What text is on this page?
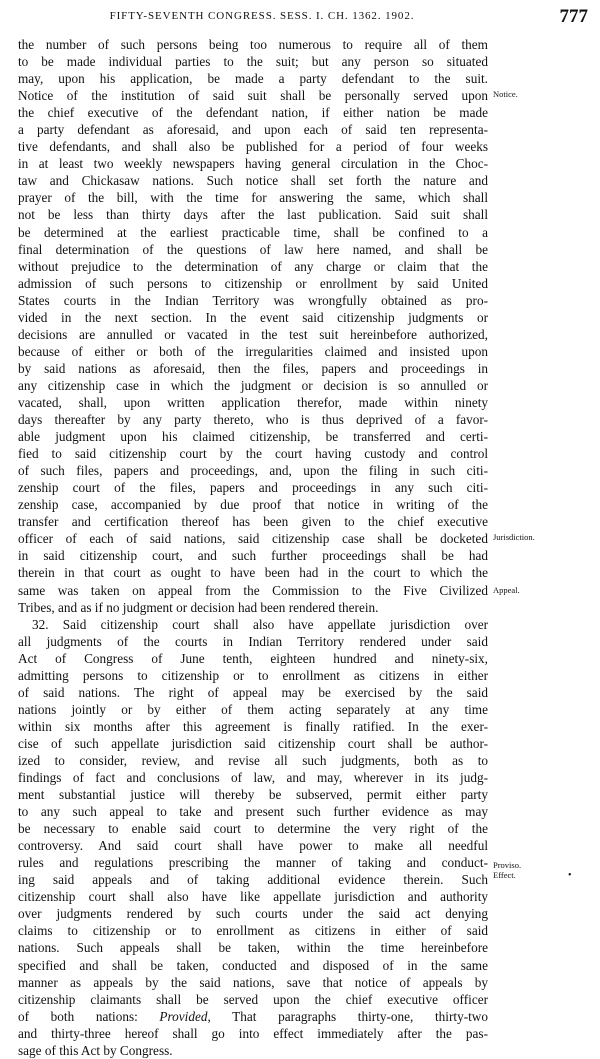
FIFTY-SEVENTH CONGRESS. SESS. I. CH. 1362. 1902.	777
the number of such persons being too numerous to require all of them
to be made individual parties to the suit; but any person so situated
may, upon his application, be made a party defendant to the suit.
Notice of the institution of said suit shall be personally served upon
the chief executive of the defendant nation, if either nation be made
a party defendant as aforesaid, and upon each of said ten representa-
tive defendants, and shall also be published for a period of four weeks
in at least two weekly newspapers having general circulation in the Choc-
taw and Chickasaw nations. Such notice shall set forth the nature and
prayer of the bill, with the time for answering the same, which shall
not be less than thirty days after the last publication. Said suit shall
be determined at the earliest practicable time, shall be confined to a
final determination of the questions of law here named, and shall be
without prejudice to the determination of any charge or claim that the
admission of such persons to citizenship or enrollment by said United
States courts in the Indian Territory was wrongfully obtained as pro-
vided in the next section. In the event said citizenship judgments or
decisions are annulled or vacated in the test suit hereinbefore authorized,
because of either or both of the irregularities claimed and insisted upon
by said nations as aforesaid, then the files, papers and proceedings in
any citizenship case in which the judgment or decision is so annulled or
vacated, shall, upon written application therefor, made within ninety
days thereafter by any party thereto, who is thus deprived of a favor-
able judgment upon his claimed citizenship, be transferred and certi-
fied to said citizenship court by the court having custody and control
of such files, papers and proceedings, and, upon the filing in such citi-
zenship court of the files, papers and proceedings in any such citi-
zenship case, accompanied by due proof that notice in writing of the
transfer and certification thereof has been given to the chief executive
officer of each of said nations, said citizenship case shall be docketed
in said citizenship court, and such further proceedings shall be had
therein in that court as ought to have been had in the court to which the
same was taken on appeal from the Commission to the Five Civilized
Tribes, and as if no judgment or decision had been rendered therein.
32. Said citizenship court shall also have appellate jurisdiction over
all judgments of the courts in Indian Territory rendered under said
Act of Congress of June tenth, eighteen hundred and ninety-six,
admitting persons to citizenship or to enrollment as citizens in either
of said nations. The right of appeal may be exercised by the said
nations jointly or by either of them acting separately at any time
within six months after this agreement is finally ratified. In the exer-
cise of such appellate jurisdiction said citizenship court shall be author-
ized to consider, review, and revise all such judgments, both as to
findings of fact and conclusions of law, and may, wherever in its judg-
ment substantial justice will thereby be subserved, permit either party
to any such appeal to take and present such further evidence as may
be necessary to enable said court to determine the very right of the
controversy. And said court shall have power to make all needful
rules and regulations prescribing the manner of taking and conduct-
ing said appeals and of taking additional evidence therein. Such
citizenship court shall also have like appellate jurisdiction and authority
over judgments rendered by such courts under the said act denying
claims to citizenship or to enrollment as citizens in either of said
nations. Such appeals shall be taken, within the time hereinbefore
specified and shall be taken, conducted and disposed of in the same
manner as appeals by the said nations, save that notice of appeals by
citizenship claimants shall be served upon the chief executive officer
of both nations: Provided, That paragraphs thirty-one, thirty-two
and thirty-three hereof shall go into effect immediately after the pas-
sage of this Act by Congress.
Notice.
Jurisdiction.
Appeal.
Proviso.
Effect.	•
